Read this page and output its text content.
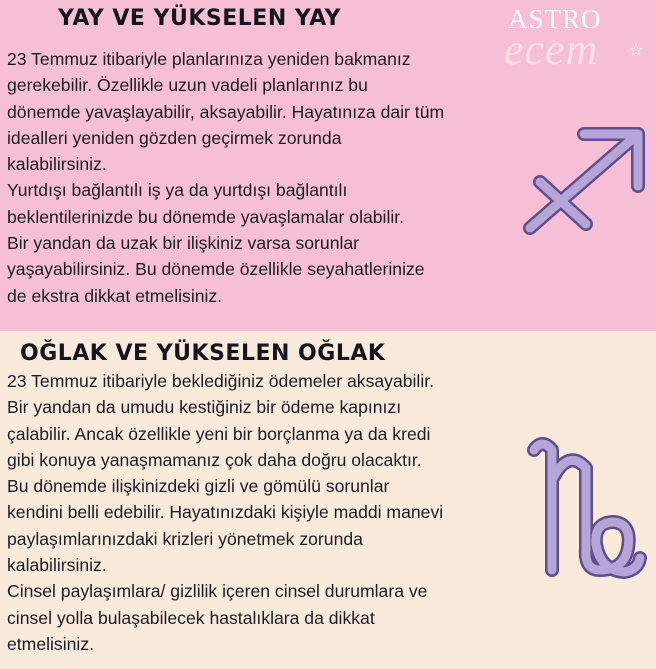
YAY VE YÜKSELEN YAY
ecem
ASTRO
☆
23 Temmuz itibariyle planlarınıza yeniden bakmanız
gerekebilir. Özellikle uzun vadeli planlarınız bu
dönemde yavaşlayabilir, aksayabilir. Hayatınıza dair tüm
idealleri yeniden gözden geçirmek zorunda
kalabilirsiniz.
Yurtdışı bağlantılı iş ya da yurtdışı bağlantılı
beklentilerinizde bu dönemde yavaşlamalar olabilir.
Bir yandan da uzak bir ilişkiniz varsa sorunlar
yaşayabilirsiniz. Bu dönemde özellikle seyahatlerinize
de ekstra dikkat etmelisiniz.
OĞLAK VE YÜKSELEN OĞLAK
23 Temmuz itibariyle beklediğiniz ödemeler aksayabilir.
Bir yandan da umudu kestiğiniz bir ödeme kapınızı
çalabilir. Ancak özellikle yeni bir borçlanma ya da kredi
gibi konuya yanaşmamanız çok daha doğru olacaktır.
Bu dönemde ilişkinizdeki gizli ve gömülü sorunlar
kendini belli edebilir. Hayatınızdaki kişiyle maddi manevi
paylaşımlarınızdaki krizleri yönetmek zorunda
kalabilirsiniz.
Cinsel paylaşımlara/ gizlilik içeren cinsel durumlara ve
cinsel yolla bulaşabilecek hastalıklara da dikkat
etmelisiniz.
